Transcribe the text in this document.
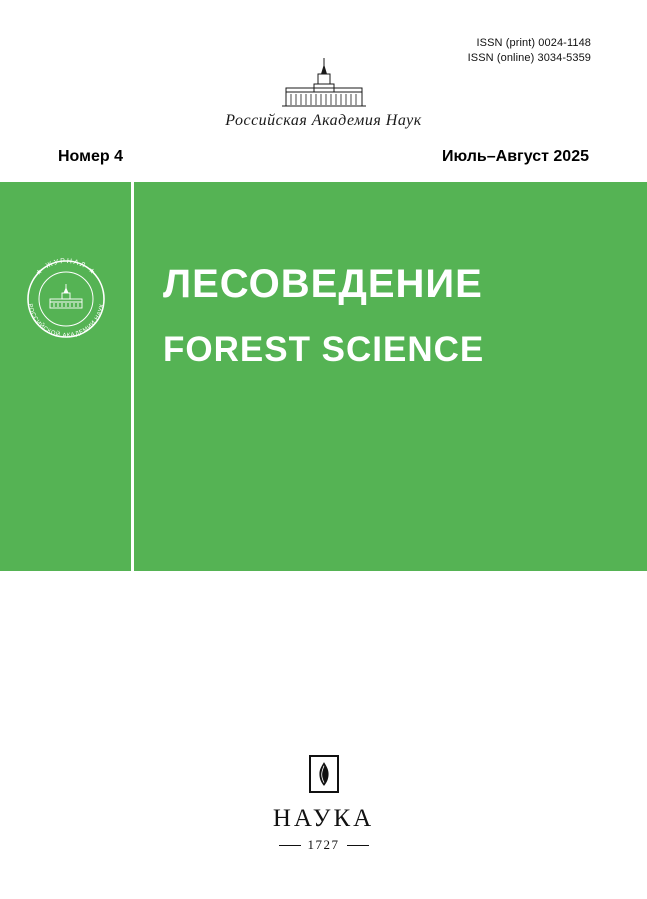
ISSN (print) 0024-1148
ISSN (online) 3034-5359
Российская Академия Наук
Номер 4	Июль–Август 2025
★ ЖУРНАЛ ★
РОССИЙСКОЙ АКАДЕМИИ НАУК ЛЕСОВЕДЕНИЕ
FOREST SCIENCE
НАУКА
1727
